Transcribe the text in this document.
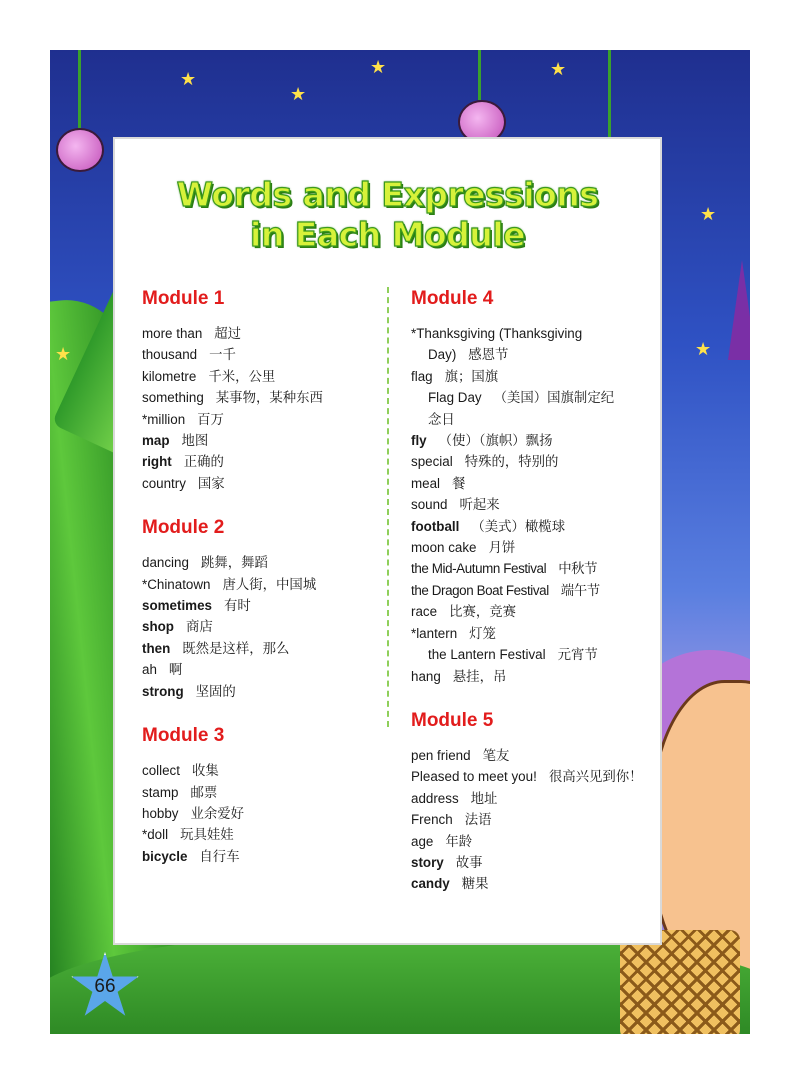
★
★
★	★
★
★	★
Words and Expressions
in Each Module
Module 1
more than 超过
thousand 一千
kilometre 千米，公里
something 某事物，某种东西
*million 百万
map 地图
right 正确的
country 国家
Module 2
dancing 跳舞，舞蹈
*Chinatown 唐人街，中国城
sometimes 有时
shop 商店
then 既然是这样，那么
ah 啊
strong 坚固的
Module 3
collect 收集
stamp 邮票
hobby 业余爱好
*doll 玩具娃娃
bicycle 自行车
Module 4
*Thanksgiving (Thanksgiving
Day) 感恩节
flag 旗；国旗
Flag Day （美国）国旗制定纪
念日
fly （使）（旗帜）飘扬
special 特殊的，特别的
meal 餐
sound 听起来
football （美式）橄榄球
moon cake 月饼
the Mid-Autumn Festival 中秋节
the Dragon Boat Festival 端午节
race 比赛，竞赛
*lantern 灯笼
the Lantern Festival 元宵节
hang 悬挂，吊
Module 5
pen friend 笔友
Pleased to meet you! 很高兴见到你！
address 地址
French 法语
age 年龄
story 故事
candy 糖果
66
